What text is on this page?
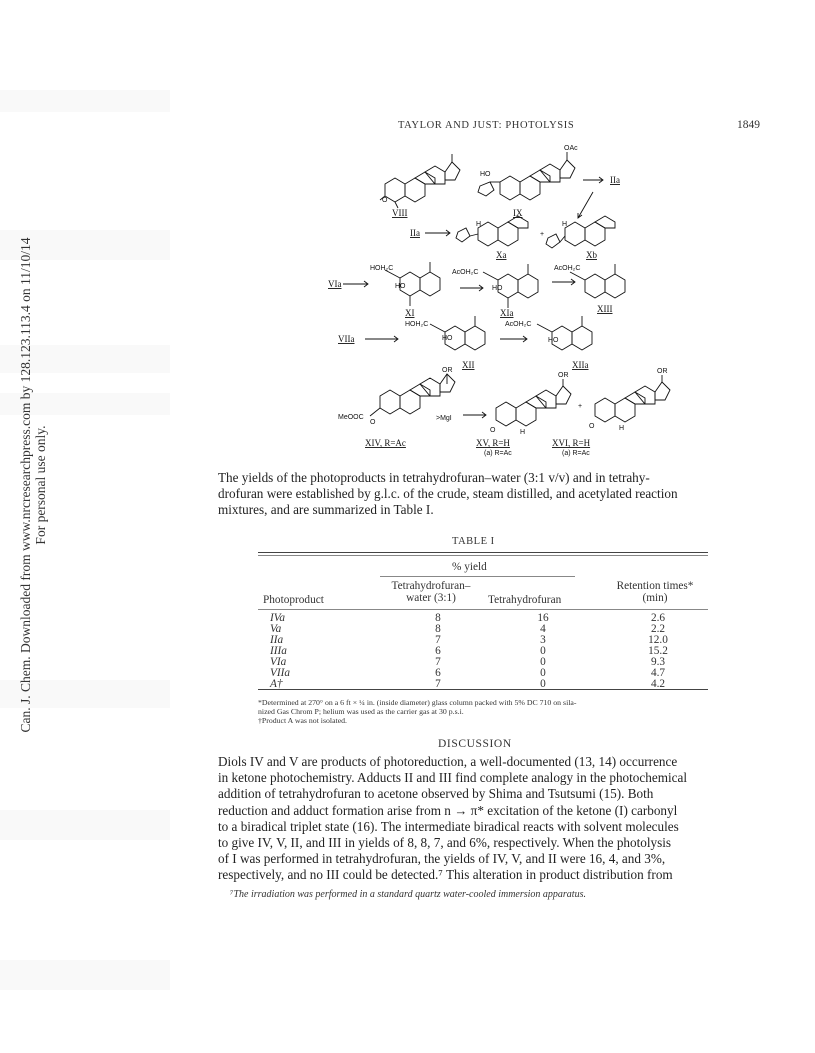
Can. J. Chem. Downloaded from www.nrcresearchpress.com by 128.123.113.4 on 11/10/14 For personal use only.
TAYLOR AND JUST: PHOTOLYSIS	1849
O
VIII
HO
OAc
IX
IIa
IIa
H
+
H
Xa	Xb
VIa
HOH₂C
HO
XI
AcOH₂C
HO
XIa
AcOH₂C
XIII
VIIa
HOH₂C
HO
XII
AcOH₂C
HO
XIIa
OR
MeOOC
O
>MgI
XIV, R=Ac
OR
O	H
+
OR
O	H
XV, R=H
(a) R=Ac
XVI, R=H
(a) R=Ac
The yields of the photoproducts in tetrahydrofuran–water (3:1 v/v) and in tetrahy-
drofuran were established by g.l.c. of the crude, steam distilled, and acetylated reaction
mixtures, and are summarized in Table I.
TABLE I
% yield
Photoproduct
Tetrahydrofuran–
water (3:1)	Tetrahydrofuran
Retention times*
(min)
IVa	8	16	2.6
Va	8	4	2.2
IIa	7	3	12.0
IIIa	6	0	15.2
VIa	7	0	9.3
VIIa	6	0	4.7
A†	7	0	4.2
*Determined at 270° on a 6 ft × ¼ in. (inside diameter) glass column packed with 5% DC 710 on sila-
nized Gas Chrom P; helium was used as the carrier gas at 30 p.s.i.
†Product A was not isolated.
DISCUSSION
Diols IV and V are products of photoreduction, a well-documented (13, 14) occurrence
in ketone photochemistry. Adducts II and III find complete analogy in the photochemical
addition of tetrahydrofuran to acetone observed by Shima and Tsutsumi (15). Both
reduction and adduct formation arise from n → π* excitation of the ketone (I) carbonyl
to a biradical triplet state (16). The intermediate biradical reacts with solvent molecules
to give IV, V, II, and III in yields of 8, 8, 7, and 6%, respectively. When the photolysis
of I was performed in tetrahydrofuran, the yields of IV, V, and II were 16, 4, and 3%,
respectively, and no III could be detected.⁷ This alteration in product distribution from
⁷The irradiation was performed in a standard quartz water-cooled immersion apparatus.
